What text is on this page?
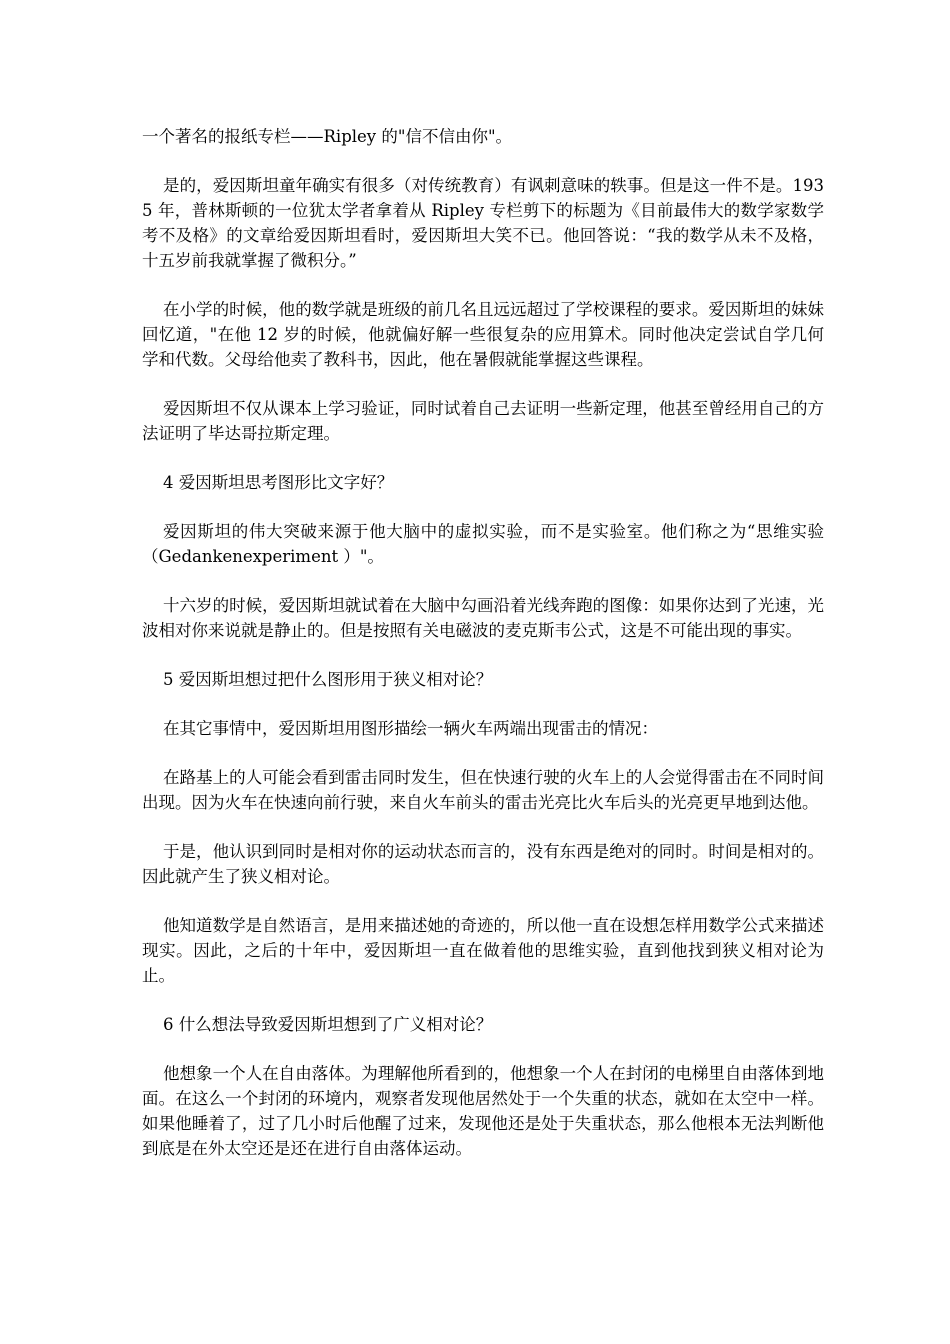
一个著名的报纸专栏——Ripley 的"信不信由你"。

是的，爱因斯坦童年确实有很多（对传统教育）有讽刺意味的轶事。但是这一件不是。1935 年，普林斯顿的一位犹太学者拿着从 Ripley 专栏剪下的标题为《目前最伟大的数学家数学考不及格》的文章给爱因斯坦看时，爱因斯坦大笑不已。他回答说：“我的数学从未不及格，十五岁前我就掌握了微积分。”

在小学的时候，他的数学就是班级的前几名且远远超过了学校课程的要求。爱因斯坦的妹妹回忆道，"在他 12 岁的时候，他就偏好解一些很复杂的应用算术。同时他决定尝试自学几何学和代数。父母给他卖了教科书，因此，他在暑假就能掌握这些课程。

爱因斯坦不仅从课本上学习验证，同时试着自己去证明一些新定理，他甚至曾经用自己的方法证明了毕达哥拉斯定理。

4 爱因斯坦思考图形比文字好？

爱因斯坦的伟大突破来源于他大脑中的虚拟实验，而不是实验室。他们称之为“思维实验（Gedankenexperiment ）"。

十六岁的时候，爱因斯坦就试着在大脑中勾画沿着光线奔跑的图像：如果你达到了光速，光波相对你来说就是静止的。但是按照有关电磁波的麦克斯韦公式，这是不可能出现的事实。

5 爱因斯坦想过把什么图形用于狭义相对论？

在其它事情中，爱因斯坦用图形描绘一辆火车两端出现雷击的情况：

在路基上的人可能会看到雷击同时发生，但在快速行驶的火车上的人会觉得雷击在不同时间出现。因为火车在快速向前行驶，来自火车前头的雷击光亮比火车后头的光亮更早地到达他。

于是，他认识到同时是相对你的运动状态而言的，没有东西是绝对的同时。时间是相对的。因此就产生了狭义相对论。

他知道数学是自然语言，是用来描述她的奇迹的，所以他一直在设想怎样用数学公式来描述现实。因此，之后的十年中，爱因斯坦一直在做着他的思维实验，直到他找到狭义相对论为止。

6 什么想法导致爱因斯坦想到了广义相对论？

他想象一个人在自由落体。为理解他所看到的，他想象一个人在封闭的电梯里自由落体到地面。在这么一个封闭的环境内，观察者发现他居然处于一个失重的状态，就如在太空中一样。如果他睡着了，过了几小时后他醒了过来，发现他还是处于失重状态，那么他根本无法判断他到底是在外太空还是还在进行自由落体运动。
